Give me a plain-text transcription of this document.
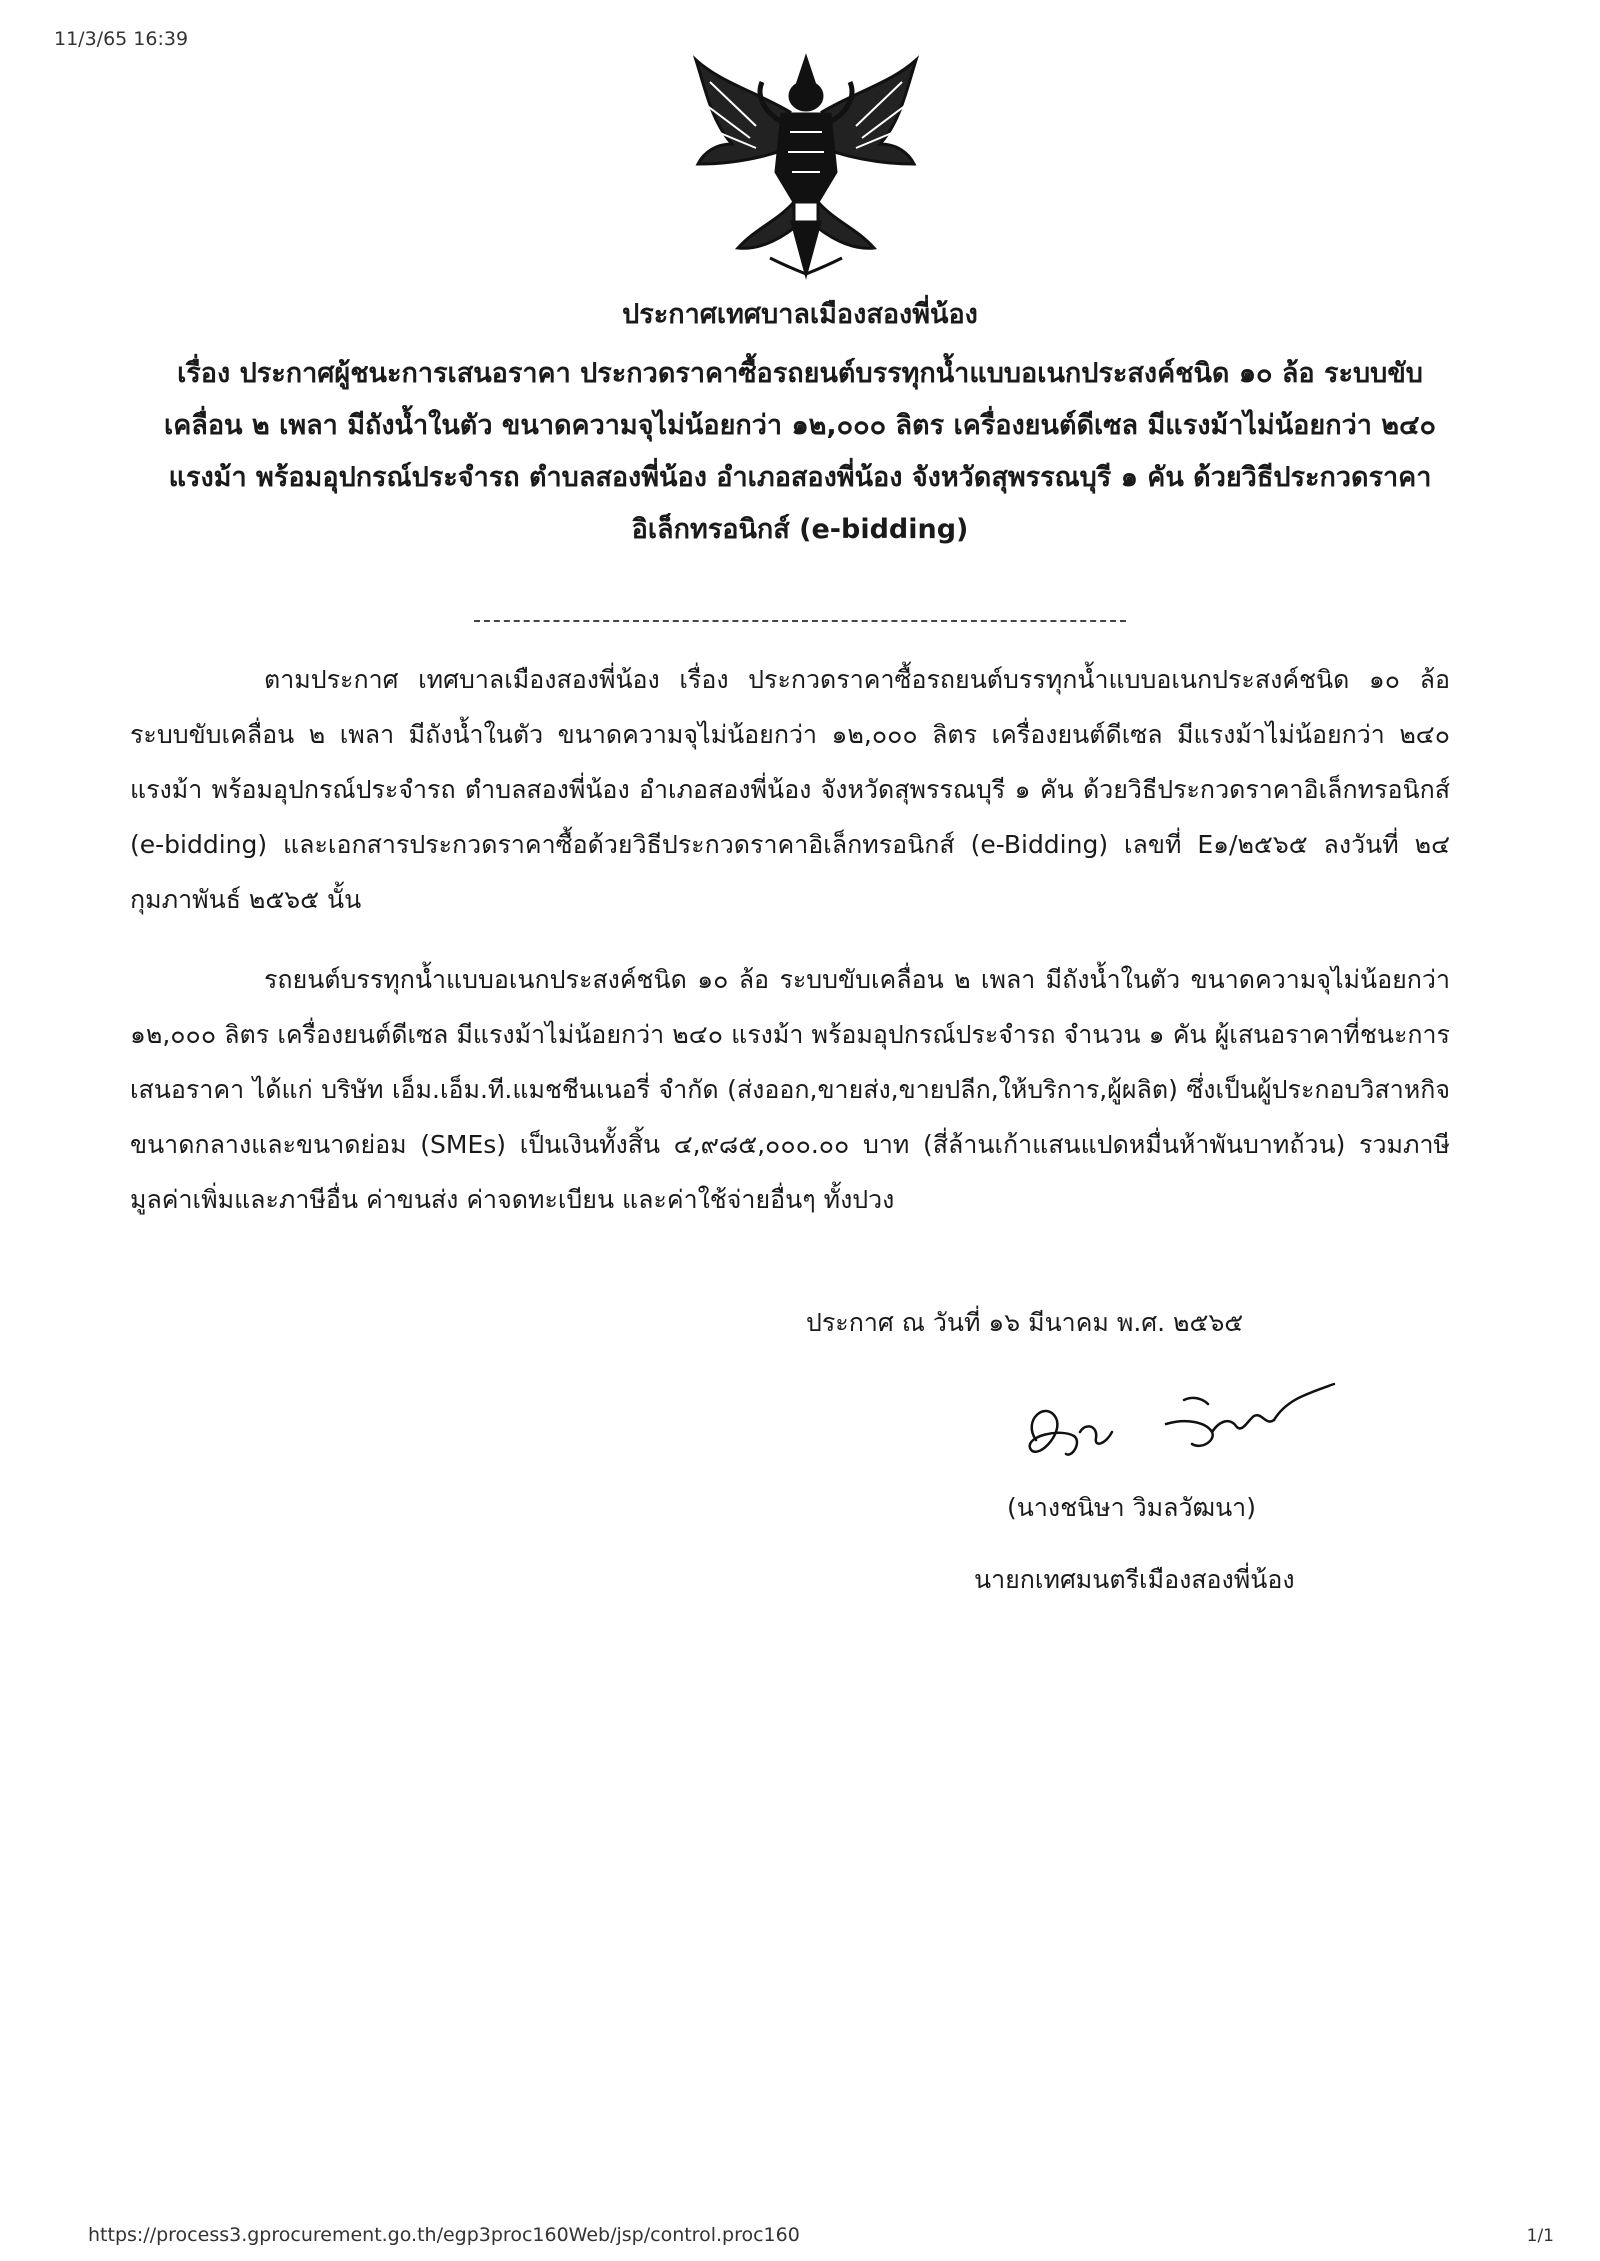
11/3/65 16:39
ประกาศเทศบาลเมืองสองพี่น้อง
เรื่อง ประกาศผู้ชนะการเสนอราคา ประกวดราคาซื้อรถยนต์บรรทุกน้ำแบบอเนกประสงค์ชนิด ๑๐ ล้อ ระบบขับเคลื่อน ๒ เพลา มีถังน้ำในตัว ขนาดความจุไม่น้อยกว่า ๑๒,๐๐๐ ลิตร เครื่องยนต์ดีเซล มีแรงม้าไม่น้อยกว่า ๒๔๐ แรงม้า พร้อมอุปกรณ์ประจำรถ ตำบลสองพี่น้อง อำเภอสองพี่น้อง จังหวัดสุพรรณบุรี ๑ คัน ด้วยวิธีประกวดราคาอิเล็กทรอนิกส์ (e-bidding)
ตามประกาศ เทศบาลเมืองสองพี่น้อง เรื่อง ประกวดราคาซื้อรถยนต์บรรทุกน้ำแบบอเนกประสงค์ชนิด ๑๐ ล้อ ระบบขับเคลื่อน ๒ เพลา มีถังน้ำในตัว ขนาดความจุไม่น้อยกว่า ๑๒,๐๐๐ ลิตร เครื่องยนต์ดีเซล มีแรงม้าไม่น้อยกว่า ๒๔๐ แรงม้า พร้อมอุปกรณ์ประจำรถ ตำบลสองพี่น้อง อำเภอสองพี่น้อง จังหวัดสุพรรณบุรี ๑ คัน ด้วยวิธีประกวดราคาอิเล็กทรอนิกส์ (e-bidding) และเอกสารประกวดราคาซื้อด้วยวิธีประกวดราคาอิเล็กทรอนิกส์ (e-Bidding) เลขที่ E๑/๒๕๖๕ ลงวันที่ ๒๔ กุมภาพันธ์ ๒๕๖๕ นั้น
รถยนต์บรรทุกน้ำแบบอเนกประสงค์ชนิด ๑๐ ล้อ ระบบขับเคลื่อน ๒ เพลา มีถังน้ำในตัว ขนาดความจุไม่น้อยกว่า ๑๒,๐๐๐ ลิตร เครื่องยนต์ดีเซล มีแรงม้าไม่น้อยกว่า ๒๔๐ แรงม้า พร้อมอุปกรณ์ประจำรถ จำนวน ๑ คัน ผู้เสนอราคาที่ชนะการเสนอราคา ได้แก่ บริษัท เอ็ม.เอ็ม.ที.แมชชีนเนอรี่ จำกัด (ส่งออก,ขายส่ง,ขายปลีก,ให้บริการ,ผู้ผลิต) ซึ่งเป็นผู้ประกอบวิสาหกิจขนาดกลางและขนาดย่อม (SMEs) เป็นเงินทั้งสิ้น ๔,๙๘๕,๐๐๐.๐๐ บาท (สี่ล้านเก้าแสนแปดหมื่นห้าพันบาทถ้วน) รวมภาษีมูลค่าเพิ่มและภาษีอื่น ค่าขนส่ง ค่าจดทะเบียน และค่าใช้จ่ายอื่นๆ ทั้งปวง
ประกาศ ณ วันที่ ๑๖ มีนาคม พ.ศ. ๒๕๖๕
(นางชนิษา วิมลวัฒนา)
นายกเทศมนตรีเมืองสองพี่น้อง
https://process3.gprocurement.go.th/egp3proc160Web/jsp/control.proc160	1/1
